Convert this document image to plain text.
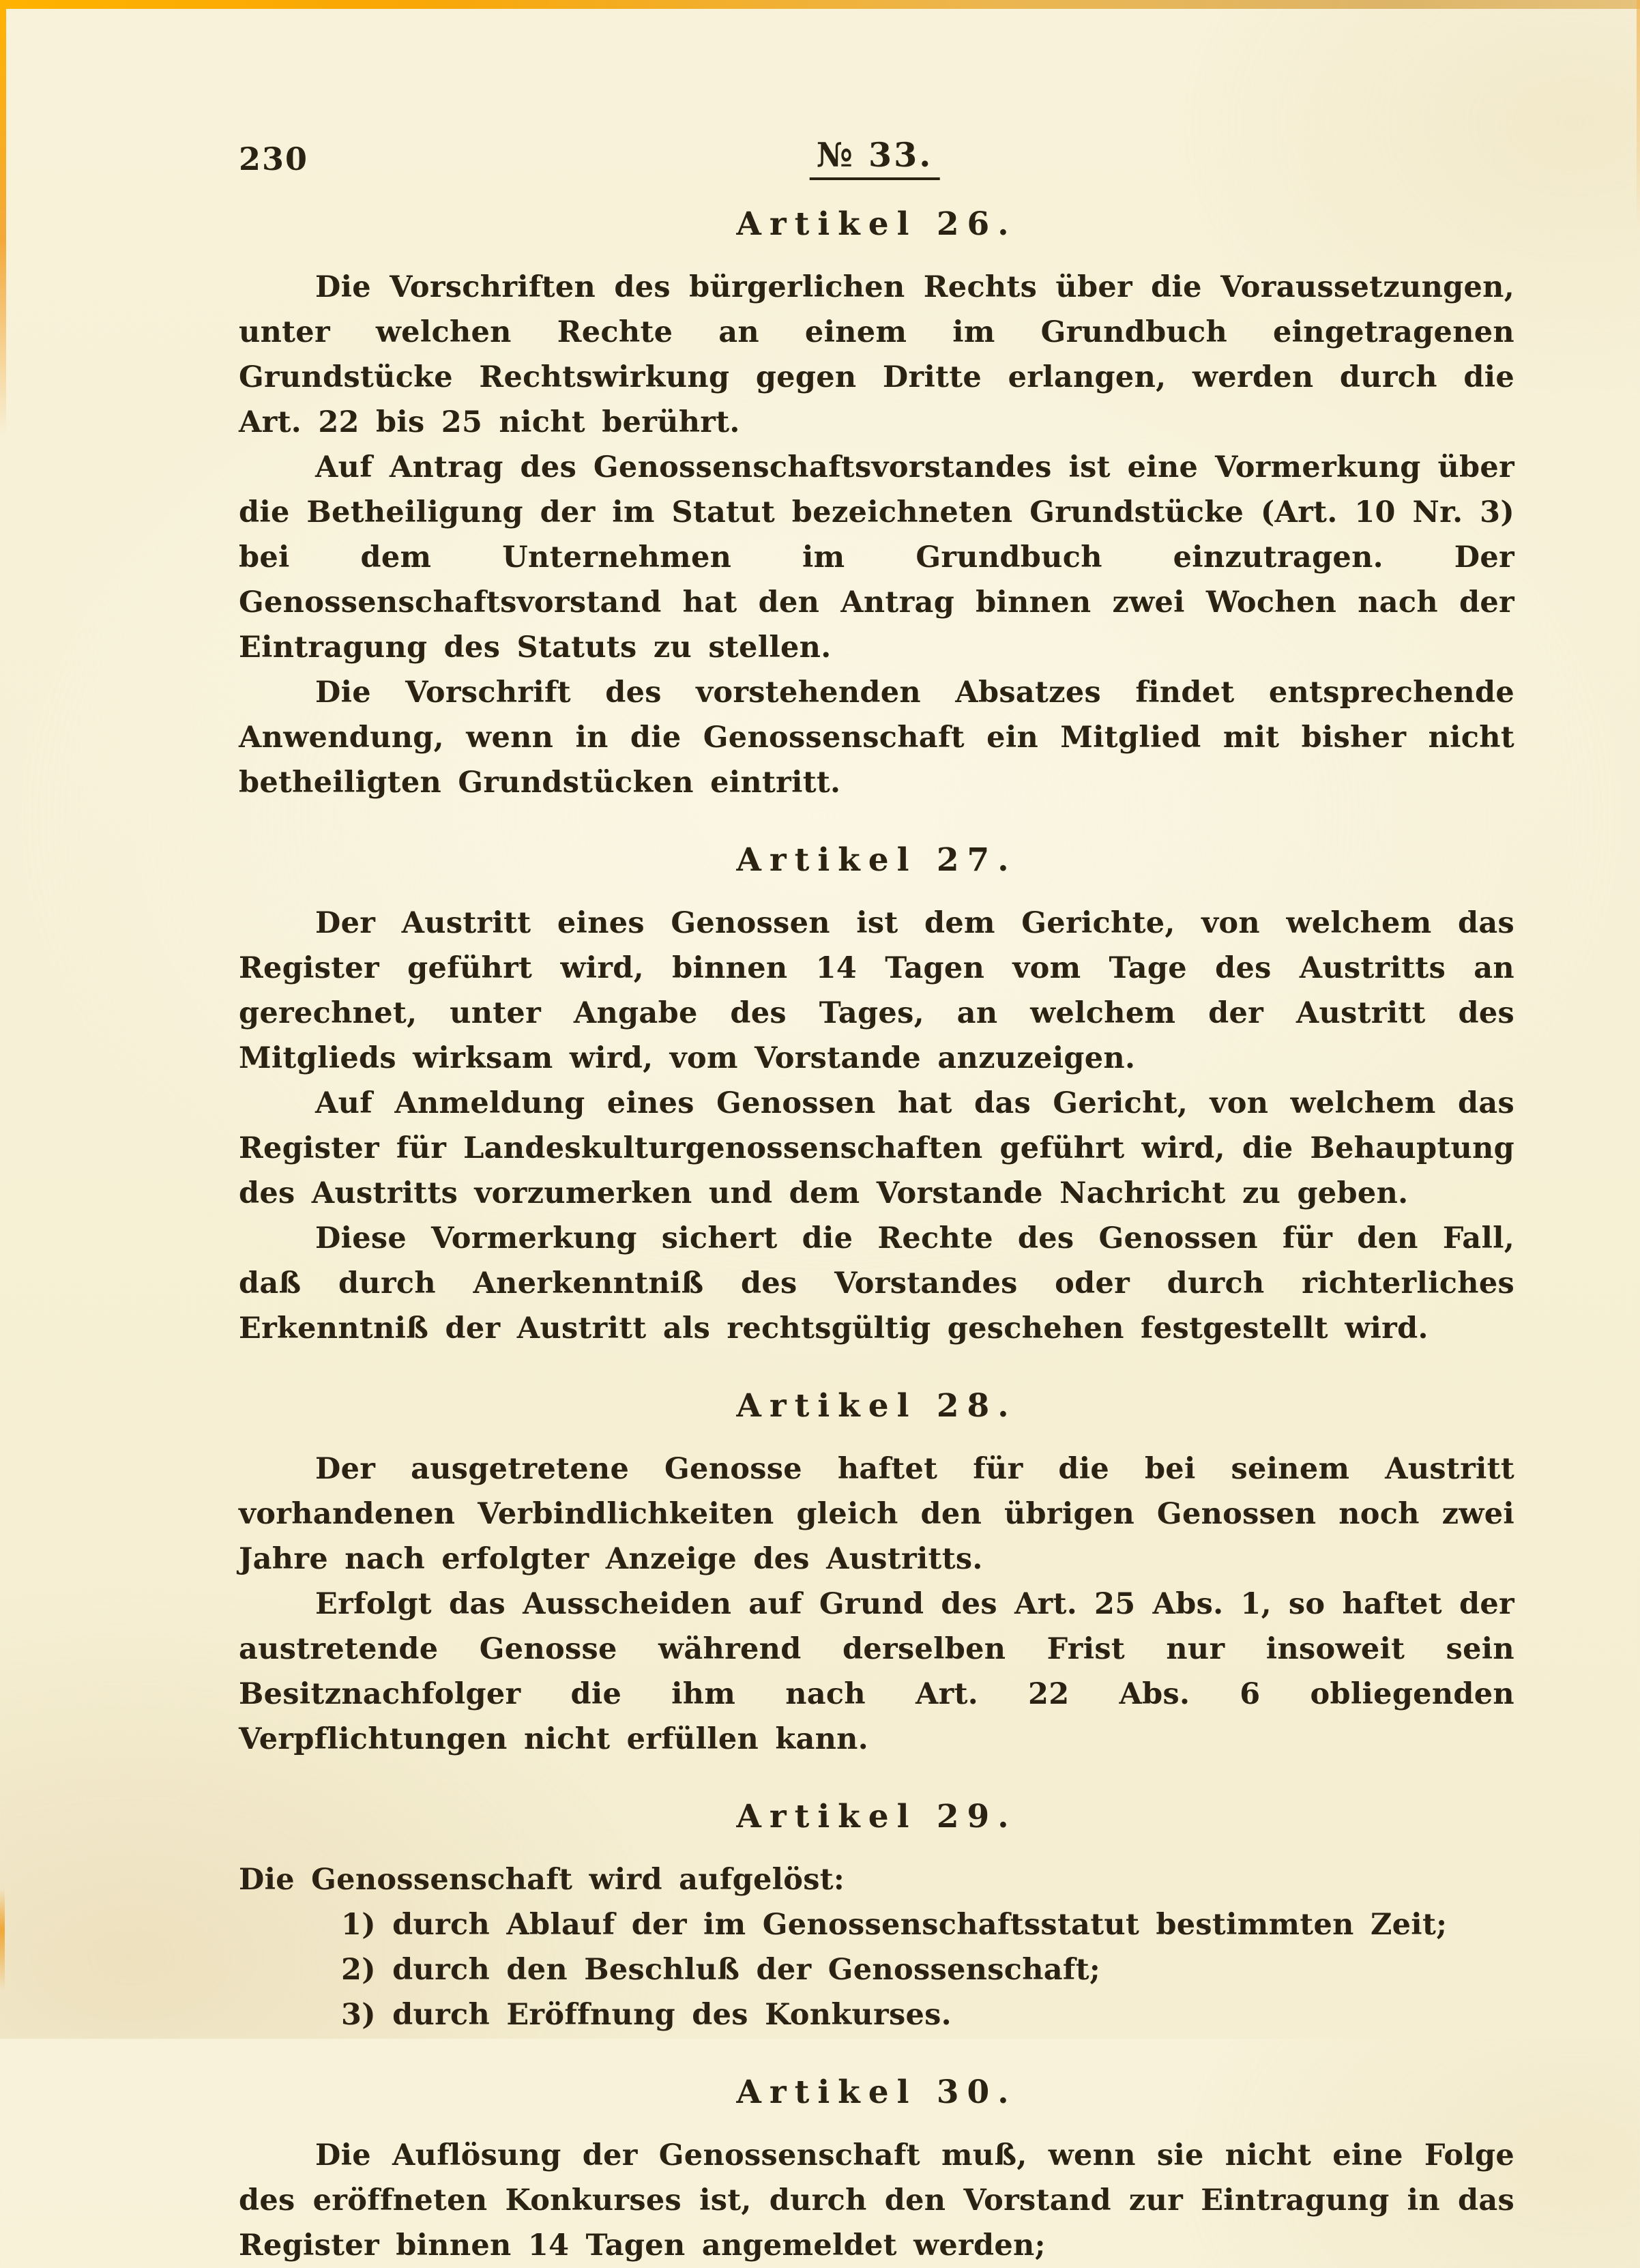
230	№ 33.
Artikel 26.

Die Vorschriften des bürgerlichen Rechts über die Voraussetzungen, unter welchen Rechte an einem im Grundbuch eingetragenen Grundstücke Rechtswirkung gegen Dritte erlangen, werden durch die Art. 22 bis 25 nicht berührt.

Auf Antrag des Genossenschaftsvorstandes ist eine Vormerkung über die Betheiligung der im Statut bezeichneten Grundstücke (Art. 10 Nr. 3) bei dem Unternehmen im Grundbuch einzutragen. Der Genossenschaftsvorstand hat den Antrag binnen zwei Wochen nach der Eintragung des Statuts zu stellen.

Die Vorschrift des vorstehenden Absatzes findet entsprechende Anwendung, wenn in die Genossenschaft ein Mitglied mit bisher nicht betheiligten Grundstücken eintritt.

Artikel 27.

Der Austritt eines Genossen ist dem Gerichte, von welchem das Register geführt wird, binnen 14 Tagen vom Tage des Austritts an gerechnet, unter Angabe des Tages, an welchem der Austritt des Mitglieds wirksam wird, vom Vorstande anzuzeigen.

Auf Anmeldung eines Genossen hat das Gericht, von welchem das Register für Landeskulturgenossenschaften geführt wird, die Behauptung des Austritts vorzumerken und dem Vorstande Nachricht zu geben.

Diese Vormerkung sichert die Rechte des Genossen für den Fall, daß durch Anerkenntniß des Vorstandes oder durch richterliches Erkenntniß der Austritt als rechtsgültig geschehen festgestellt wird.

Artikel 28.

Der ausgetretene Genosse haftet für die bei seinem Austritt vorhandenen Verbindlichkeiten gleich den übrigen Genossen noch zwei Jahre nach erfolgter Anzeige des Austritts.

Erfolgt das Ausscheiden auf Grund des Art. 25 Abs. 1, so haftet der austretende Genosse während derselben Frist nur insoweit sein Besitznachfolger die ihm nach Art. 22 Abs. 6 obliegenden Verpflichtungen nicht erfüllen kann.

Artikel 29.

Die Genossenschaft wird aufgelöst:

1) durch Ablauf der im Genossenschaftsstatut bestimmten Zeit;

2) durch den Beschluß der Genossenschaft;

3) durch Eröffnung des Konkurses.

Artikel 30.

Die Auflösung der Genossenschaft muß, wenn sie nicht eine Folge des eröffneten Konkurses ist, durch den Vorstand zur Eintragung in das Register binnen 14 Tagen angemeldet werden;
